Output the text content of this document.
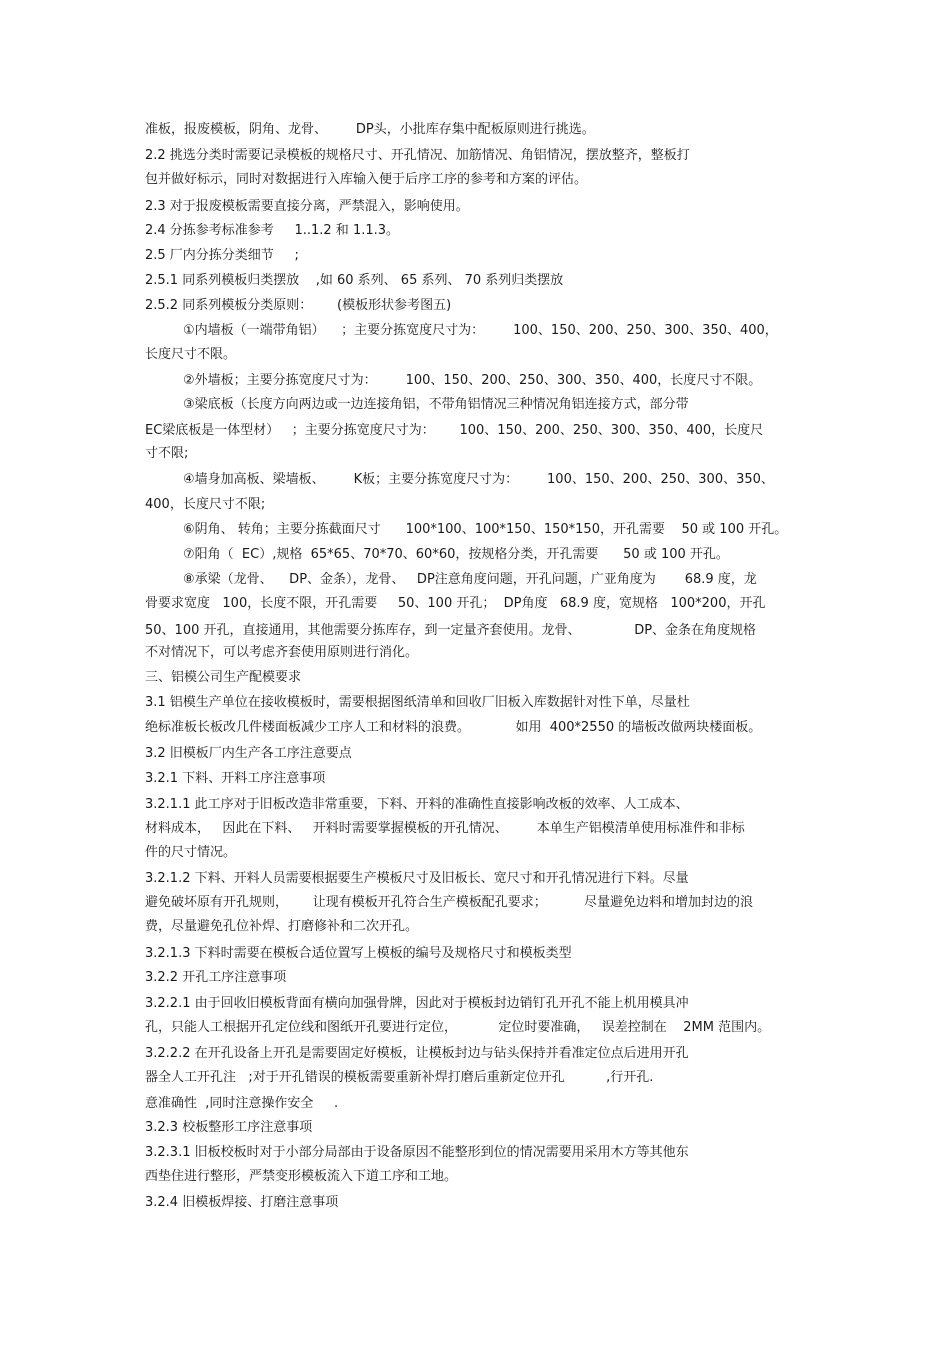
准板，报废模板，阴角、龙骨、       DP头，小批库存集中配板原则进行挑选。
2.2 挑选分类时需要记录模板的规格尺寸、开孔情况、加筋情况、角铝情况，摆放整齐，整板打
包并做好标示，同时对数据进行入库输入便于后序工序的参考和方案的评估。
2.3 对于报废模板需要直接分离，严禁混入，影响使用。
2.4 分拣参考标准参考     1..1.2 和 1.1.3。
2.5 厂内分拣分类细节     ;
2.5.1 同系列模板归类摆放    ,如 60 系列、 65 系列、 70 系列归类摆放
2.5.2 同系列模板分类原则：      (模板形状参考图五)
①内墙板（一端带角铝）    ；主要分拣宽度尺寸为：       100、150、200、250、300、350、400，
长度尺寸不限。
②外墙板；主要分拣宽度尺寸为：       100、150、200、250、300、350、400，长度尺寸不限。
③梁底板（长度方向两边或一边连接角铝，不带角铝情况三种情况角铝连接方式，部分带
EC梁底板是一体型材）   ；主要分拣宽度尺寸为：      100、150、200、250、300、350、400，长度尺
寸不限;
④墙身加高板、梁墙板、       K板；主要分拣宽度尺寸为：       100、150、200、250、300、350、
400，长度尺寸不限;
⑥阴角、 转角；主要分拣截面尺寸      100*100、100*150、150*150，开孔需要    50 或 100 开孔。
⑦阳角（  EC）,规格  65*65、70*70、60*60，按规格分类，开孔需要      50 或 100 开孔。
⑧承梁（龙骨、    DP、金条），龙骨、   DP注意角度问题，开孔问题，广亚角度为       68.9 度，龙
骨要求宽度   100，长度不限，开孔需要     50、100 开孔；  DP角度   68.9 度，宽规格   100*200，开孔
50、100 开孔，直接通用，其他需要分拣库存，到一定量齐套使用。龙骨、             DP、金条在角度规格
不对情况下，可以考虑齐套使用原则进行消化。
三、铝模公司生产配模要求
3.1 铝模生产单位在接收模板时，需要根据图纸清单和回收厂旧板入库数据针对性下单，尽量杜
绝标准板长板改几件楼面板减少工序人工和材料的浪费。           如用  400*2550 的墙板改做两块楼面板。
3.2 旧模板厂内生产各工序注意要点
3.2.1 下料、开料工序注意事项
3.2.1.1 此工序对于旧板改造非常重要，下料、开料的准确性直接影响改板的效率、人工成本、
材料成本，   因此在下料、   开料时需要掌握模板的开孔情况、       本单生产铝模清单使用标准件和非标
件的尺寸情况。
3.2.1.2 下料、开料人员需要根据要生产模板尺寸及旧板长、宽尺寸和开孔情况进行下料。尽量
避免破坏原有开孔规则，      让现有模板开孔符合生产模板配孔要求；         尽量避免边料和增加封边的浪
费，尽量避免孔位补焊、打磨修补和二次开孔。
3.2.1.3 下料时需要在模板合适位置写上模板的编号及规格尺寸和模板类型
3.2.2 开孔工序注意事项
3.2.2.1 由于回收旧模板背面有横向加强骨牌，因此对于模板封边销钉孔开孔不能上机用模具冲
孔，只能人工根据开孔定位线和图纸开孔要进行定位，          定位时要准确，   误差控制在    2MM 范围内。
3.2.2.2 在开孔设备上开孔是需要固定好模板，让模板封边与钻头保持并看准定位点后进用开孔
器全人工开孔注   ;对于开孔错误的模板需要重新补焊打磨后重新定位开孔          ,行开孔.
意准确性  ,同时注意操作安全     .
3.2.3 校板整形工序注意事项
3.2.3.1 旧板校板时对于小部分局部由于设备原因不能整形到位的情况需要用采用木方等其他东
西垫住进行整形，严禁变形模板流入下道工序和工地。
3.2.4 旧模板焊接、打磨注意事项
